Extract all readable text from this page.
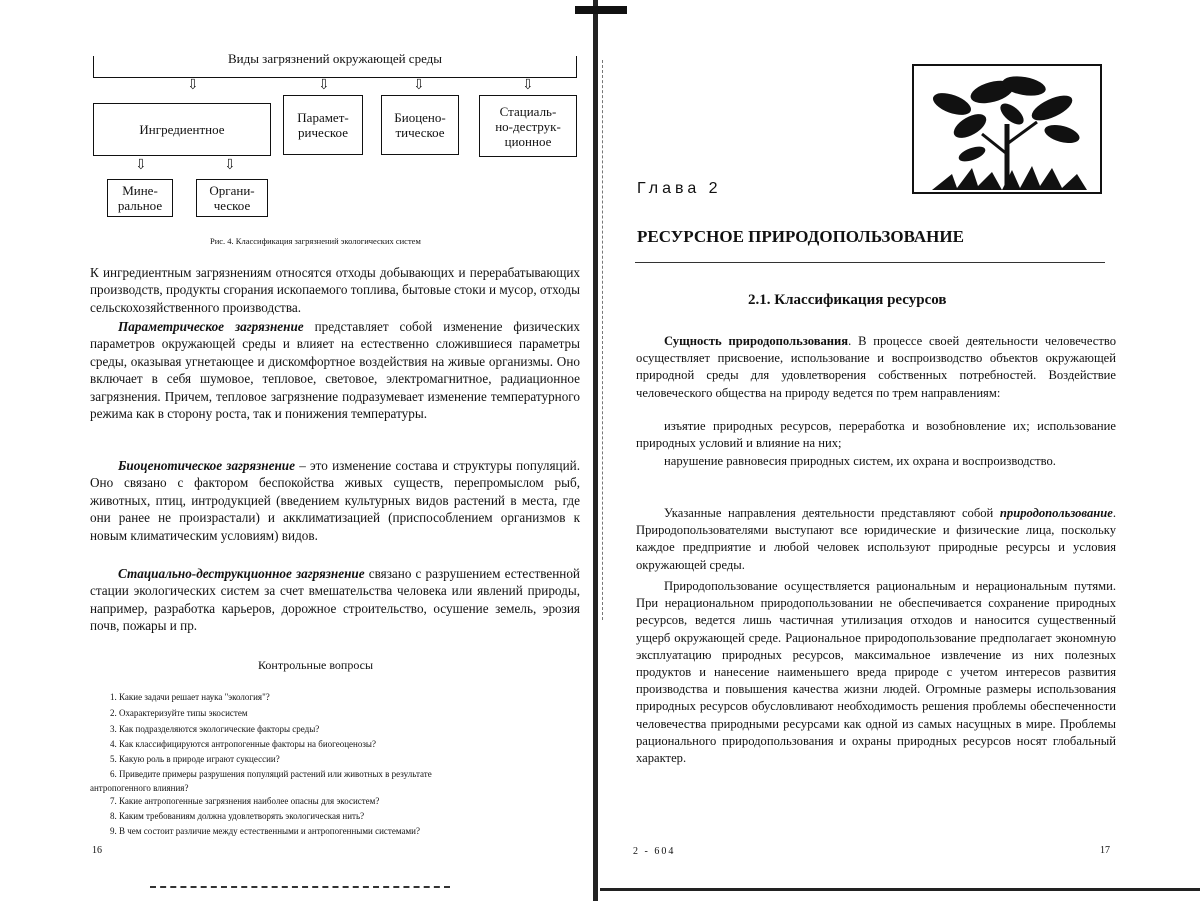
Виды загрязнений окружающей среды
⇩	⇩	⇩	⇩
Ингредиентное
Парамет-
рическое
Биоцено-
тическое
Стациаль-
но-деструк-
ционное
⇩	⇩
Мине-
ральное
Органи-
ческое
Рис. 4. Классификация загрязнений экологических систем

К ингредиентным загрязнениям относятся отходы добывающих и перерабатывающих производств, продукты сгорания ископаемого топлива, бытовые стоки и мусор, отходы сельскохозяйственного производства.

Параметрическое загрязнение представляет собой изменение физических параметров окружающей среды и влияет на естественно сложившиеся параметры среды, оказывая угнетающее и дискомфортное воздействия на живые организмы. Оно включает в себя шумовое, тепловое, световое, электромагнитное, радиационное загрязнения. Причем, тепловое загрязнение подразумевает изменение температурного режима как в сторону роста, так и понижения температуры.

Биоценотическое загрязнение – это изменение состава и структуры популяций. Оно связано с фактором беспокойства живых существ, перепромыслом рыб, животных, птиц, интродукцией (введением культурных видов растений в места, где они ранее не произрастали) и акклиматизацией (приспособлением организмов к новым климатическим условиям) видов.

Стациально-деструкционное загрязнение связано с разрушением естественной стации экологических систем за счет вмешательства человека или явлений природы, например, разработка карьеров, дорожное строительство, осушение земель, эрозия почв, пожары и пр.

Контрольные вопросы
1. Какие задачи решает наука "экология"?
2. Охарактеризуйте типы экосистем
3. Как подразделяются экологические факторы среды?
4. Как классифицируются антропогенные факторы на биогеоценозы?
5. Какую роль в природе играют сукцессии?
6. Приведите примеры разрушения популяций растений или животных в результате
антропогенного влияния?
7. Какие антропогенные загрязнения наиболее опасны для экосистем?
8. Каким требованиям должна удовлетворять экологическая нить?
9. В чем состоит различие между естественными и антропогенными системами?
16
Глава 2
РЕСУРСНОЕ ПРИРОДОПОЛЬЗОВАНИЕ
2.1. Классификация ресурсов

Сущность природопользования. В процессе своей деятельности человечество осуществляет присвоение, использование и воспроизводство объектов окружающей природной среды для удовлетворения собственных потребностей. Воздействие человеческого общества на природу ведется по трем направлениям:

изъятие природных ресурсов, переработка и возобновление их; использование природных условий и влияние на них;

нарушение равновесия природных систем, их охрана и воспроизводство.

Указанные направления деятельности представляют собой природопользование. Природопользователями выступают все юридические и физические лица, поскольку каждое предприятие и любой человек используют природные ресурсы и условия окружающей среды.

Природопользование осуществляется рациональным и нерациональным путями. При нерациональном природопользовании не обеспечивается сохранение природных ресурсов, ведется лишь частичная утилизация отходов и наносится существенный ущерб окружающей среде. Рациональное природопользование предполагает экономную эксплуатацию природных ресурсов, максимальное извлечение из них полезных продуктов и нанесение наименьшего вреда природе с учетом интересов развития производства и повышения качества жизни людей. Огромные размеры использования природных ресурсов обусловливают необходимость решения проблемы обеспеченности человечества природными ресурсами как одной из самых насущных в мире. Проблемы рационального природопользования и охраны природных ресурсов носят глобальный характер.

2 - 604	17
